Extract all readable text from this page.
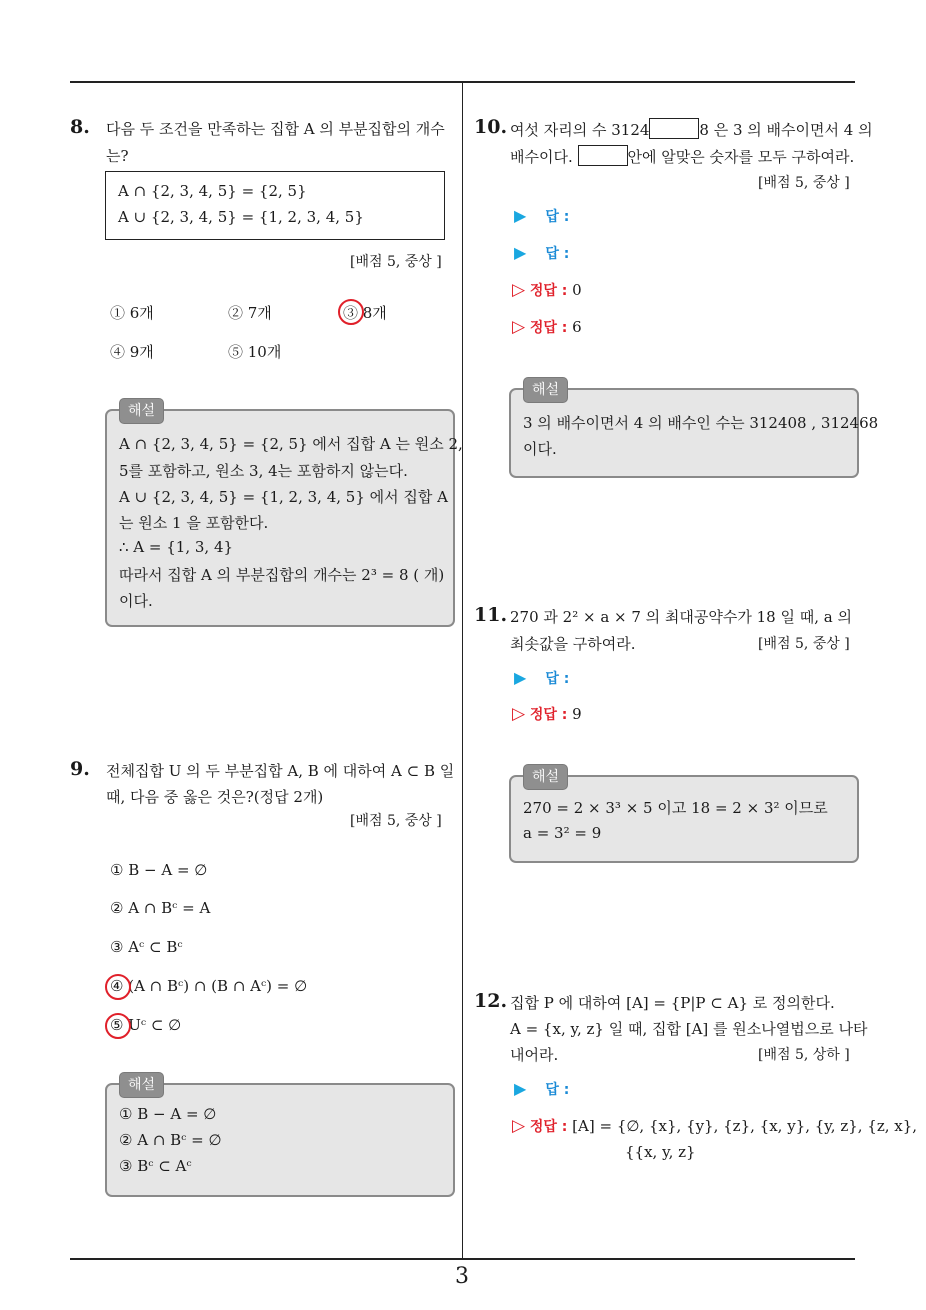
3
8. 다음 두 조건을 만족하는 집합 A 의 부분집합의 개수
는?
A ∩ {2, 3, 4, 5} = {2, 5}
A ∪ {2, 3, 4, 5} = {1, 2, 3, 4, 5}
[배점 5, 중상 ]
① 6개	② 7개	③ 8개
④ 9개	⑤ 10개
A ∩ {2, 3, 4, 5} = {2, 5} 에서 집합 A 는 원소 2,
5를 포함하고, 원소 3, 4는 포함하지 않는다.
A ∪ {2, 3, 4, 5} = {1, 2, 3, 4, 5} 에서 집합 A
는 원소 1 을 포함한다.
∴ A = {1, 3, 4}
따라서 집합 A 의 부분집합의 개수는 2³ = 8 ( 개)
이다.
해설
9. 전체집합 U 의 두 부분집합 A, B 에 대하여 A ⊂ B 일
때, 다음 중 옳은 것은?(정답 2개)
[배점 5, 중상 ]
① B − A = ∅
② A ∩ Bᶜ = A
③ Aᶜ ⊂ Bᶜ
④ (A ∩ Bᶜ) ∩ (B ∩ Aᶜ) = ∅
⑤ Uᶜ ⊂ ∅
① B − A = ∅
② A ∩ Bᶜ = ∅
③ Bᶜ ⊂ Aᶜ
해설
10. 여섯 자리의 수 3124	8 은 3 의 배수이면서 4 의
배수이다.	안에 알맞은 숫자를 모두 구하여라.
[배점 5, 중상 ]
▶ 답 :
▶ 답 :
▷ 정답 : 0
▷ 정답 : 6
3 의 배수이면서 4 의 배수인 수는 312408 , 312468
이다.
해설
11. 270 과 2² × a × 7 의 최대공약수가 18 일 때, a 의
최솟값을 구하여라.	[배점 5, 중상 ]
▶ 답 :
▷ 정답 : 9
270 = 2 × 3³ × 5 이고 18 = 2 × 3² 이므로
a = 3² = 9
해설
12. 집합 P 에 대하여 [A] = {P|P ⊂ A} 로 정의한다.
A = {x, y, z} 일 때, 집합 [A] 를 원소나열법으로 나타
내어라.	[배점 5, 상하 ]
▶ 답 :
▷ 정답 : [A] = {∅, {x}, {y}, {z}, {x, y}, {y, z}, {z, x},
{{x, y, z}
